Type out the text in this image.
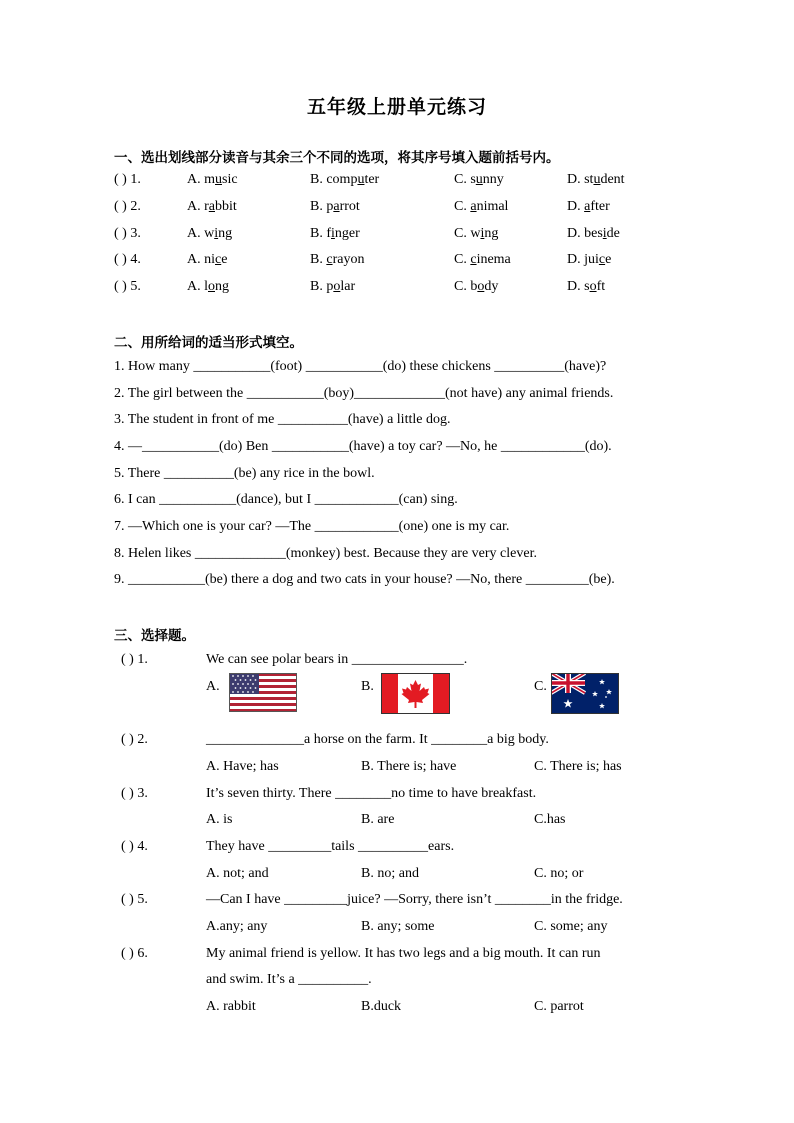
五年级上册单元练习
一、选出划线部分读音与其余三个不同的选项，将其序号填入题前括号内。
( ) 1.	A. music	B. computer	C. sunny	D. student
( ) 2.	A. rabbit	B. parrot	C. animal	D. after
( ) 3.	A. wing	B. finger	C. wing	D. beside
( ) 4.	A. nice	B. crayon	C. cinema	D. juice
( ) 5.	A. long	B. polar	C. body	D. soft
二、用所给词的适当形式填空。
1. How many ___________(foot) ___________(do) these chickens __________(have)?
2. The girl between the ___________(boy)_____________(not have) any animal friends.
3. The student in front of me __________(have) a little dog.
4. —___________(do) Ben ___________(have) a toy car? —No, he ____________(do).
5. There __________(be) any rice in the bowl.
6. I can ___________(dance), but I ____________(can) sing.
7. —Which one is your car? —The ____________(one) one is my car.
8. Helen likes _____________(monkey) best. Because they are very clever.
9. ___________(be) there a dog and two cats in your house? —No, there _________(be).
三、选择题。
( ) 1.	We can see polar bears in ________________.
A.	B.	C.
( ) 2.	______________a horse on the farm. It ________a big body.
A. Have; has	B. There is; have	C. There is; has
( ) 3.	It’s seven thirty. There ________no time to have breakfast.
A. is	B. are	C.has
( ) 4.	They have _________tails __________ears.
A. not; and	B. no; and	C. no; or
( ) 5.	—Can I have _________juice? —Sorry, there isn’t ________in the fridge.
A.any; any	B. any; some	C. some; any
( ) 6.	My animal friend is yellow. It has two legs and a big mouth. It can run
and swim. It’s a __________.
A. rabbit	B.duck	C. parrot
